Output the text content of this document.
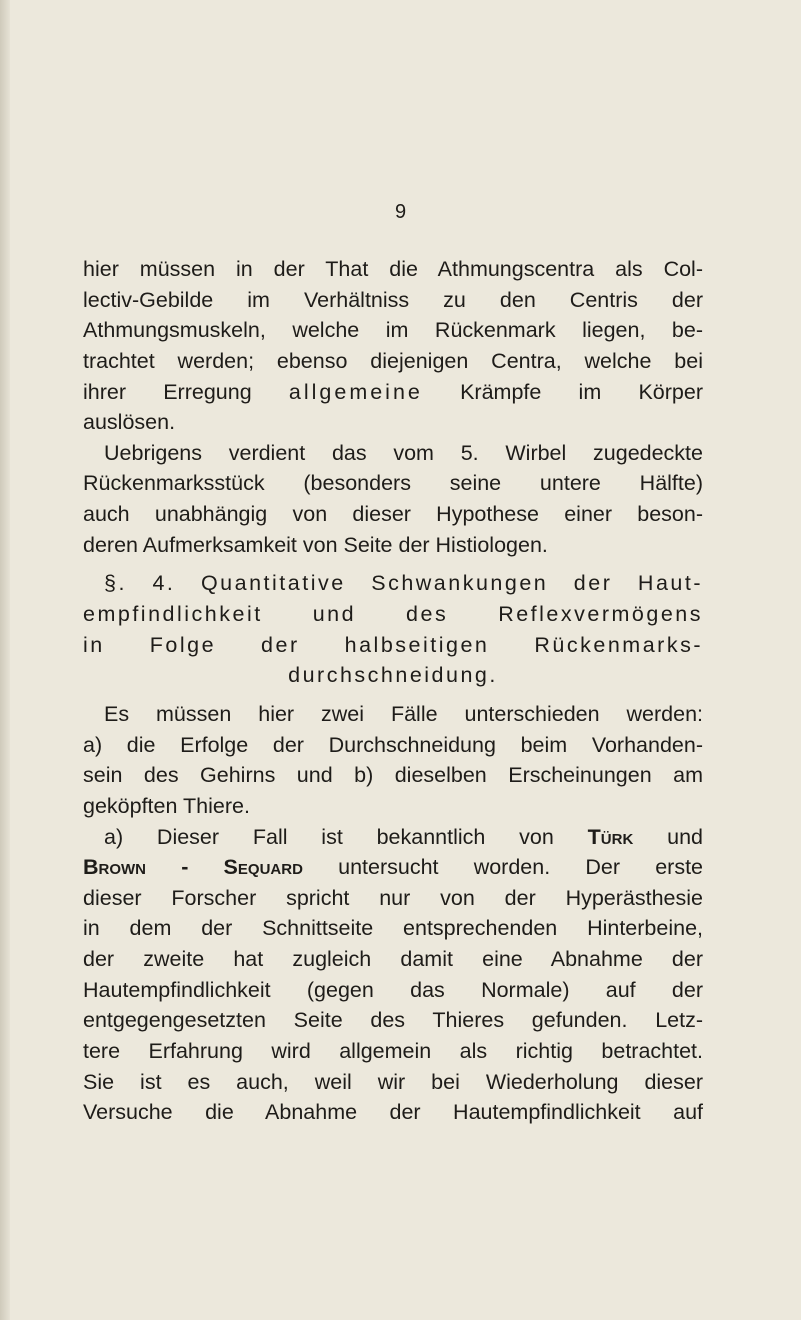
9
hier müssen in der That die Athmungscentra als Col-
lectiv-Gebilde im Verhältniss zu den Centris der
Athmungsmuskeln, welche im Rückenmark liegen, be-
trachtet werden; ebenso diejenigen Centra, welche bei
ihrer Erregung allgemeine Krämpfe im Körper
auslösen.
Uebrigens verdient das vom 5. Wirbel zugedeckte
Rückenmarksstück (besonders seine untere Hälfte)
auch unabhängig von dieser Hypothese einer beson-
deren Aufmerksamkeit von Seite der Histiologen.
§. 4. Quantitative Schwankungen der Haut-
empfindlichkeit und des Reflexvermögens
in Folge der halbseitigen Rückenmarks-
durchschneidung.
Es müssen hier zwei Fälle unterschieden werden:
a) die Erfolge der Durchschneidung beim Vorhanden-
sein des Gehirns und b) dieselben Erscheinungen am
geköpften Thiere.
a) Dieser Fall ist bekanntlich von Türk und
Brown - Sequard untersucht worden. Der erste
dieser Forscher spricht nur von der Hyperästhesie
in dem der Schnittseite entsprechenden Hinterbeine,
der zweite hat zugleich damit eine Abnahme der
Hautempfindlichkeit (gegen das Normale) auf der
entgegengesetzten Seite des Thieres gefunden. Letz-
tere Erfahrung wird allgemein als richtig betrachtet.
Sie ist es auch, weil wir bei Wiederholung dieser
Versuche die Abnahme der Hautempfindlichkeit auf
